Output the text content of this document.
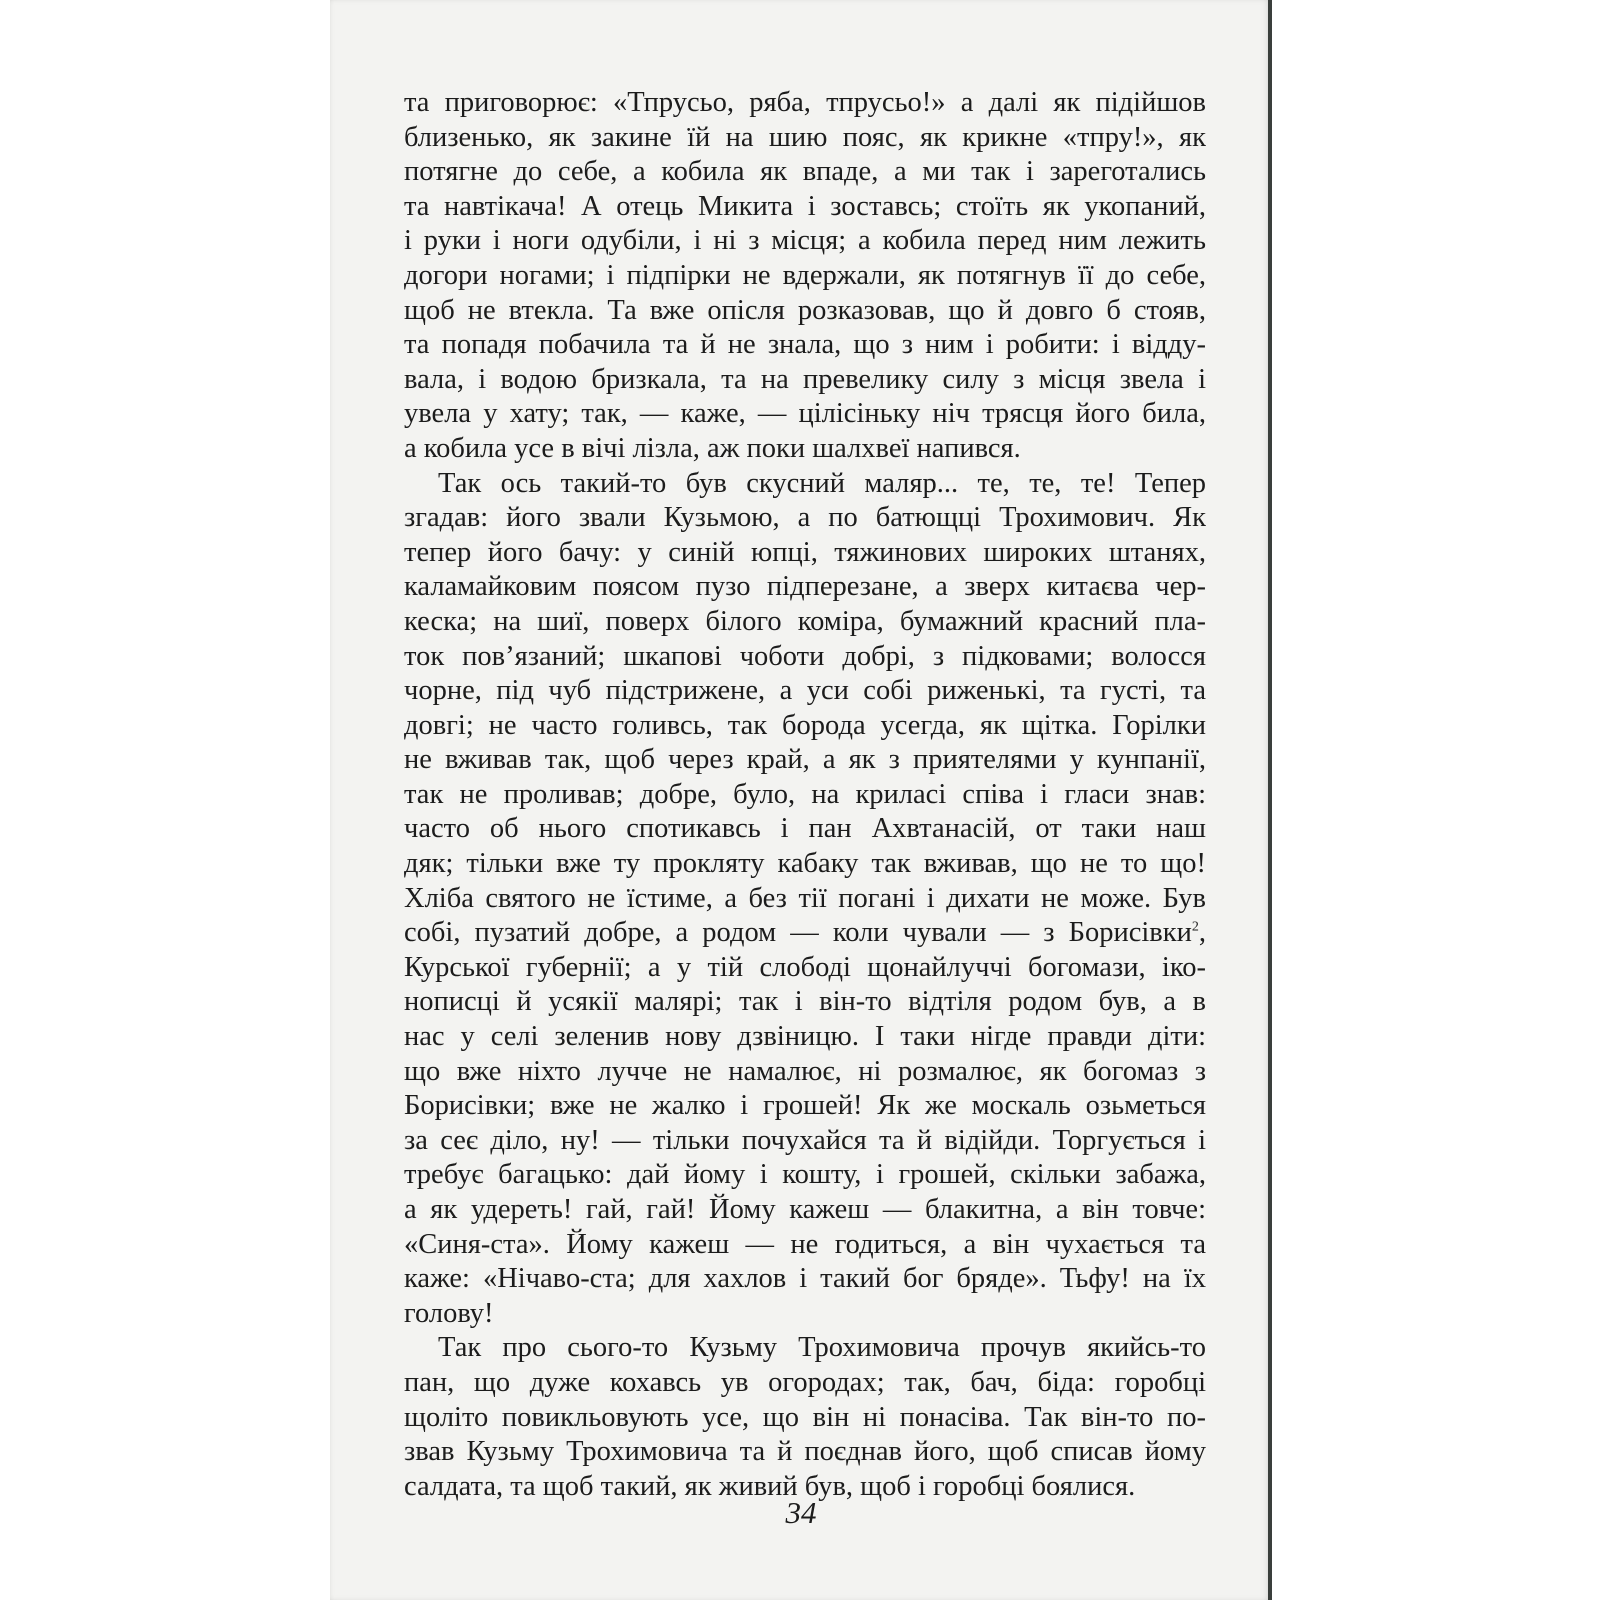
та приговорює: «Тпрусьо, ряба, тпрусьо!» а далі як підійшов
близенько, як закине їй на шию пояс, як крикне «тпру!», як
потягне до себе, а кобила як впаде, а ми так і зареготались
та навтікача! А отець Микита і зоставсь; стоїть як укопаний,
і руки і ноги одубіли, і ні з місця; а кобила перед ним лежить
догори ногами; і підпірки не вдержали, як потягнув її до себе,
щоб не втекла. Та вже опісля розказовав, що й довго б стояв,
та попадя побачила та й не знала, що з ним і робити: і відду-
вала, і водою бризкала, та на превелику силу з місця звела і
увела у хату; так, — каже, — цілісіньку ніч трясця його била,
а кобила усе в вічі лізла, аж поки шалхвеї напився.
Так ось такий-то був скусний маляр... те, те, те! Тепер
згадав: його звали Кузьмою, а по батющці Трохимович. Як
тепер його бачу: у синій юпці, тяжинових широких штанях,
каламайковим поясом пузо підперезане, а зверх китаєва чер-
кеска; на шиї, поверх білого коміра, бумажний красний пла-
ток пов’язаний; шкапові чоботи добрі, з підковами; волосся
чорне, під чуб підстрижене, а уси собі риженькі, та густі, та
довгі; не часто голивсь, так борода усегда, як щітка. Горілки
не вживав так, щоб через край, а як з приятелями у кунпанії,
так не проливав; добре, було, на криласі співа і гласи знав:
часто об нього спотикавсь і пан Ахвтанасій, от таки наш
дяк; тільки вже ту прокляту кабаку так вживав, що не то що!
Хліба святого не їстиме, а без тії погані і дихати не може. Був
собі, пузатий добре, а родом — коли чували — з Борисівки$^2$,
Курської губернії; а у тій слободі щонайлуччі богомази, іко-
нописці й усякії малярі; так і він-то відтіля родом був, а в
нас у селі зеленив нову дзвіницю. І таки нігде правди діти:
що вже ніхто лучче не намалює, ні розмалює, як богомаз з
Борисівки; вже не жалко і грошей! Як же москаль озьметься
за сеє діло, ну! — тільки почухайся та й відійди. Торгується і
требує багацько: дай йому і кошту, і грошей, скільки забажа,
а як удерeть! гай, гай! Йому кажеш — блакитна, а він товче:
«Синя-ста». Йому кажеш — не годиться, а він чухається та
каже: «Нічаво-ста; для хахлов і такий бог бряде». Тьфу! на їх
голову!
Так про сього-то Кузьму Трохимовича прочув якийсь-то
пан, що дуже кохавсь ув огородах; так, бач, біда: горобці
щоліто повикльовують усе, що він ні понасіва. Так він-то по-
звав Кузьму Трохимовича та й поєднав його, щоб списав йому
салдата, та щоб такий, як живий був, щоб і горобці боялися.
34
